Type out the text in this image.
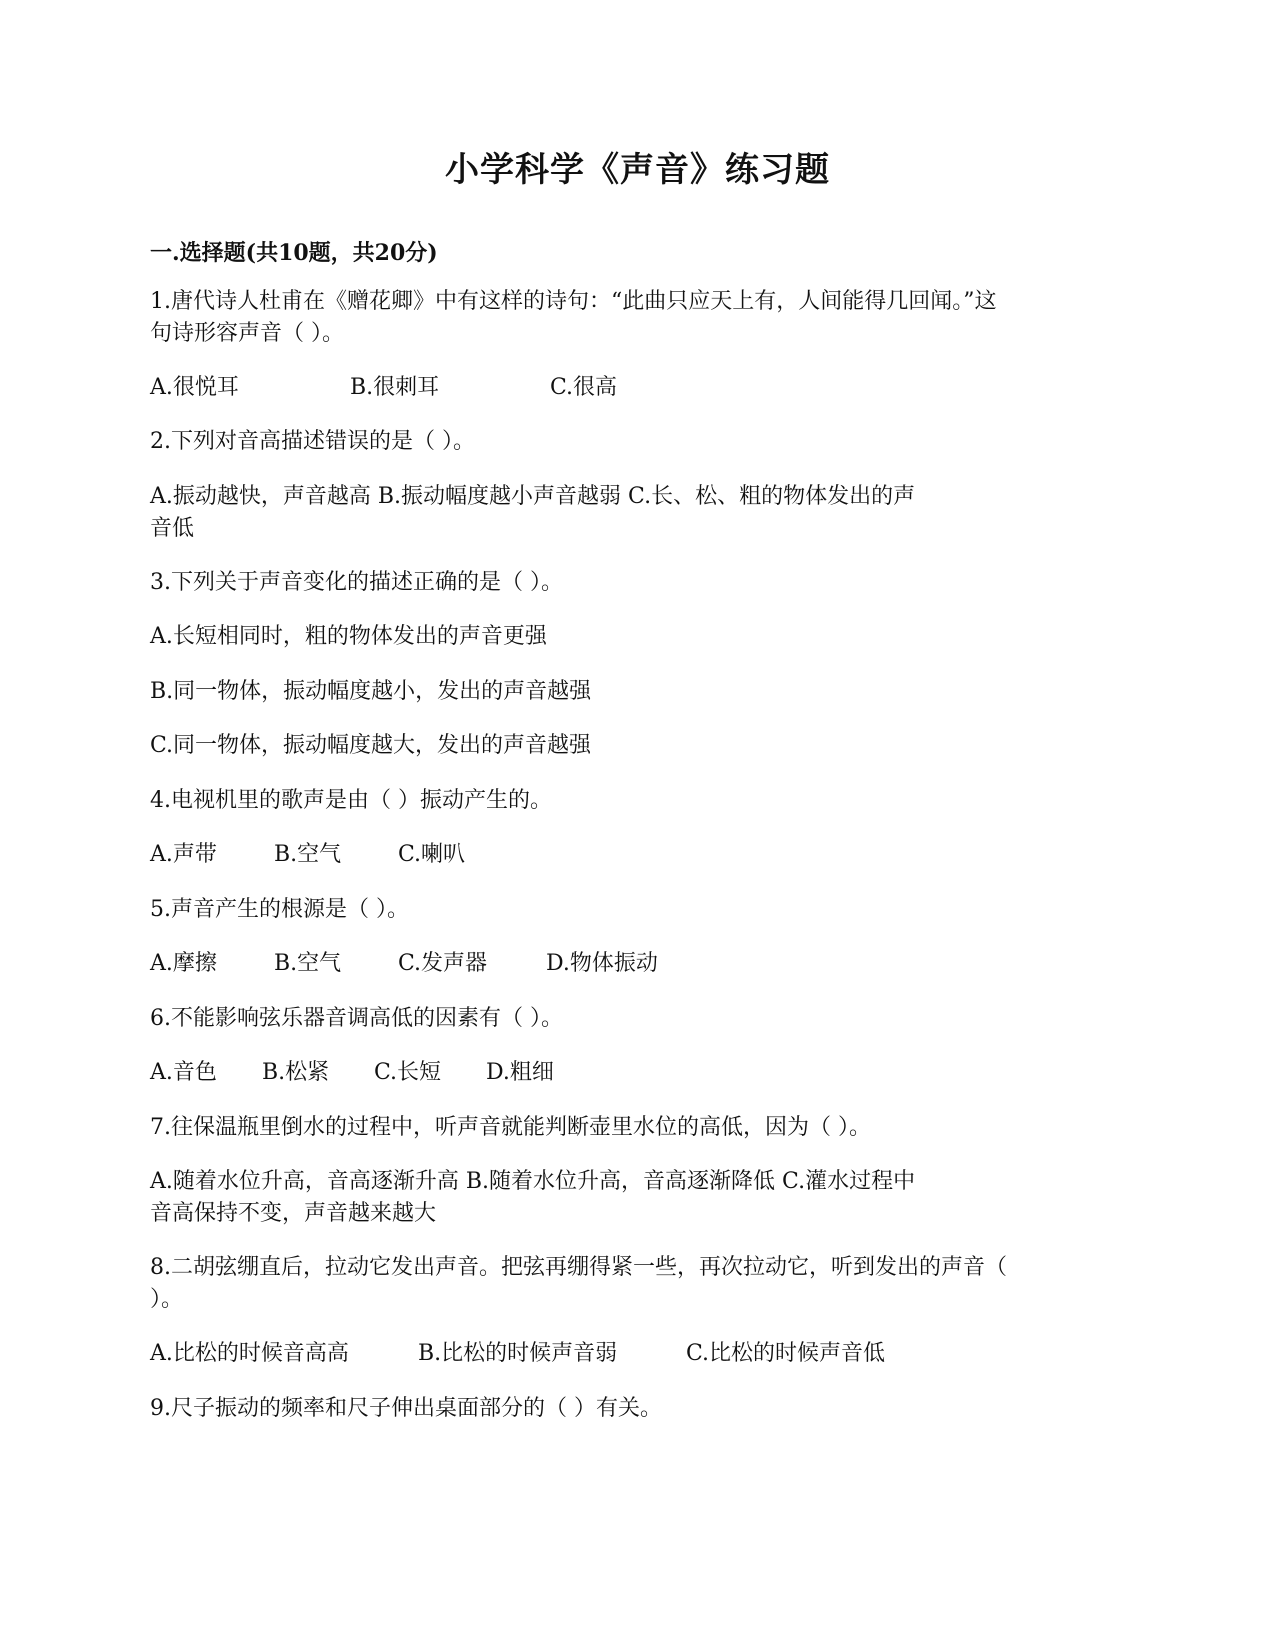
小学科学《声音》练习题
一.选择题(共10题，共20分)
1.唐代诗人杜甫在《赠花卿》中有这样的诗句：“此曲只应天上有，人间能得几回闻。”这
句诗形容声音（ ）。
A.很悦耳	B.很刺耳	C.很高
2.下列对音高描述错误的是（ ）。
A.振动越快，声音越高 B.振动幅度越小声音越弱 C.长、松、粗的物体发出的声
音低
3.下列关于声音变化的描述正确的是（ ）。
A.长短相同时，粗的物体发出的声音更强
B.同一物体，振动幅度越小，发出的声音越强
C.同一物体，振动幅度越大，发出的声音越强
4.电视机里的歌声是由（ ）振动产生的。
A.声带	B.空气	C.喇叭
5.声音产生的根源是（ ）。
A.摩擦	B.空气	C.发声器	D.物体振动
6.不能影响弦乐器音调高低的因素有（ ）。
A.音色 B.松紧 C.长短 D.粗细
7.往保温瓶里倒水的过程中，听声音就能判断壶里水位的高低，因为（ ）。
A.随着水位升高，音高逐渐升高 B.随着水位升高，音高逐渐降低 C.灌水过程中
音高保持不变，声音越来越大
8.二胡弦绷直后，拉动它发出声音。把弦再绷得紧一些，再次拉动它，听到发出的声音（
）。
A.比松的时候音高高	B.比松的时候声音弱	C.比松的时候声音低
9.尺子振动的频率和尺子伸出桌面部分的（ ）有关。
